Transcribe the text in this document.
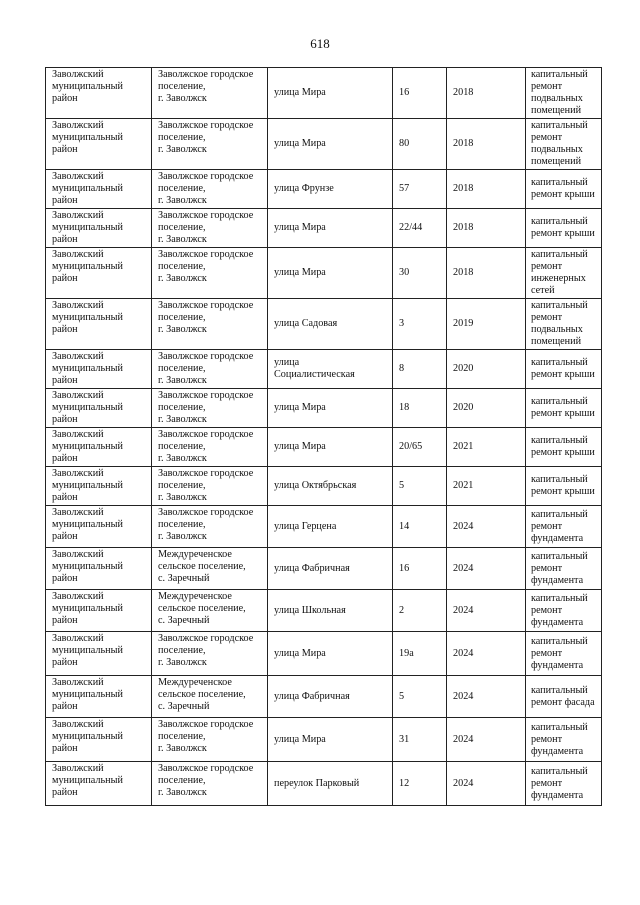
618
Заволжский
муниципальный
район	Заволжское городское
поселение,
г. Заволжск	улица Мира	16	2018	капитальный
ремонт
подвальных
помещений
Заволжский
муниципальный
район	Заволжское городское
поселение,
г. Заволжск	улица Мира	80	2018	капитальный
ремонт
подвальных
помещений
Заволжский
муниципальный
район	Заволжское городское
поселение,
г. Заволжск	улица Фрунзе	57	2018	капитальный
ремонт крыши
Заволжский
муниципальный
район	Заволжское городское
поселение,
г. Заволжск	улица Мира	22/44	2018	капитальный
ремонт крыши
Заволжский
муниципальный
район	Заволжское городское
поселение,
г. Заволжск	улица Мира	30	2018	капитальный
ремонт
инженерных
сетей
Заволжский
муниципальный
район	Заволжское городское
поселение,
г. Заволжск	улица Садовая	3	2019	капитальный
ремонт
подвальных
помещений
Заволжский
муниципальный
район	Заволжское городское
поселение,
г. Заволжск	улица
Социалистическая	8	2020	капитальный
ремонт крыши
Заволжский
муниципальный
район	Заволжское городское
поселение,
г. Заволжск	улица Мира	18	2020	капитальный
ремонт крыши
Заволжский
муниципальный
район	Заволжское городское
поселение,
г. Заволжск	улица Мира	20/65	2021	капитальный
ремонт крыши
Заволжский
муниципальный
район	Заволжское городское
поселение,
г. Заволжск	улица Октябрьская	5	2021	капитальный
ремонт крыши
Заволжский
муниципальный
район	Заволжское городское
поселение,
г. Заволжск	улица Герцена	14	2024	капитальный
ремонт
фундамента
Заволжский
муниципальный
район	Междуреченское
сельское поселение,
с. Заречный	улица Фабричная	16	2024	капитальный
ремонт
фундамента
Заволжский
муниципальный
район	Междуреченское
сельское поселение,
с. Заречный	улица Школьная	2	2024	капитальный
ремонт
фундамента
Заволжский
муниципальный
район	Заволжское городское
поселение,
г. Заволжск	улица Мира	19а	2024	капитальный
ремонт
фундамента
Заволжский
муниципальный
район	Междуреченское
сельское поселение,
с. Заречный	улица Фабричная	5	2024	капитальный
ремонт фасада
Заволжский
муниципальный
район	Заволжское городское
поселение,
г. Заволжск	улица Мира	31	2024	капитальный
ремонт
фундамента
Заволжский
муниципальный
район	Заволжское городское
поселение,
г. Заволжск	переулок Парковый	12	2024	капитальный
ремонт
фундамента
